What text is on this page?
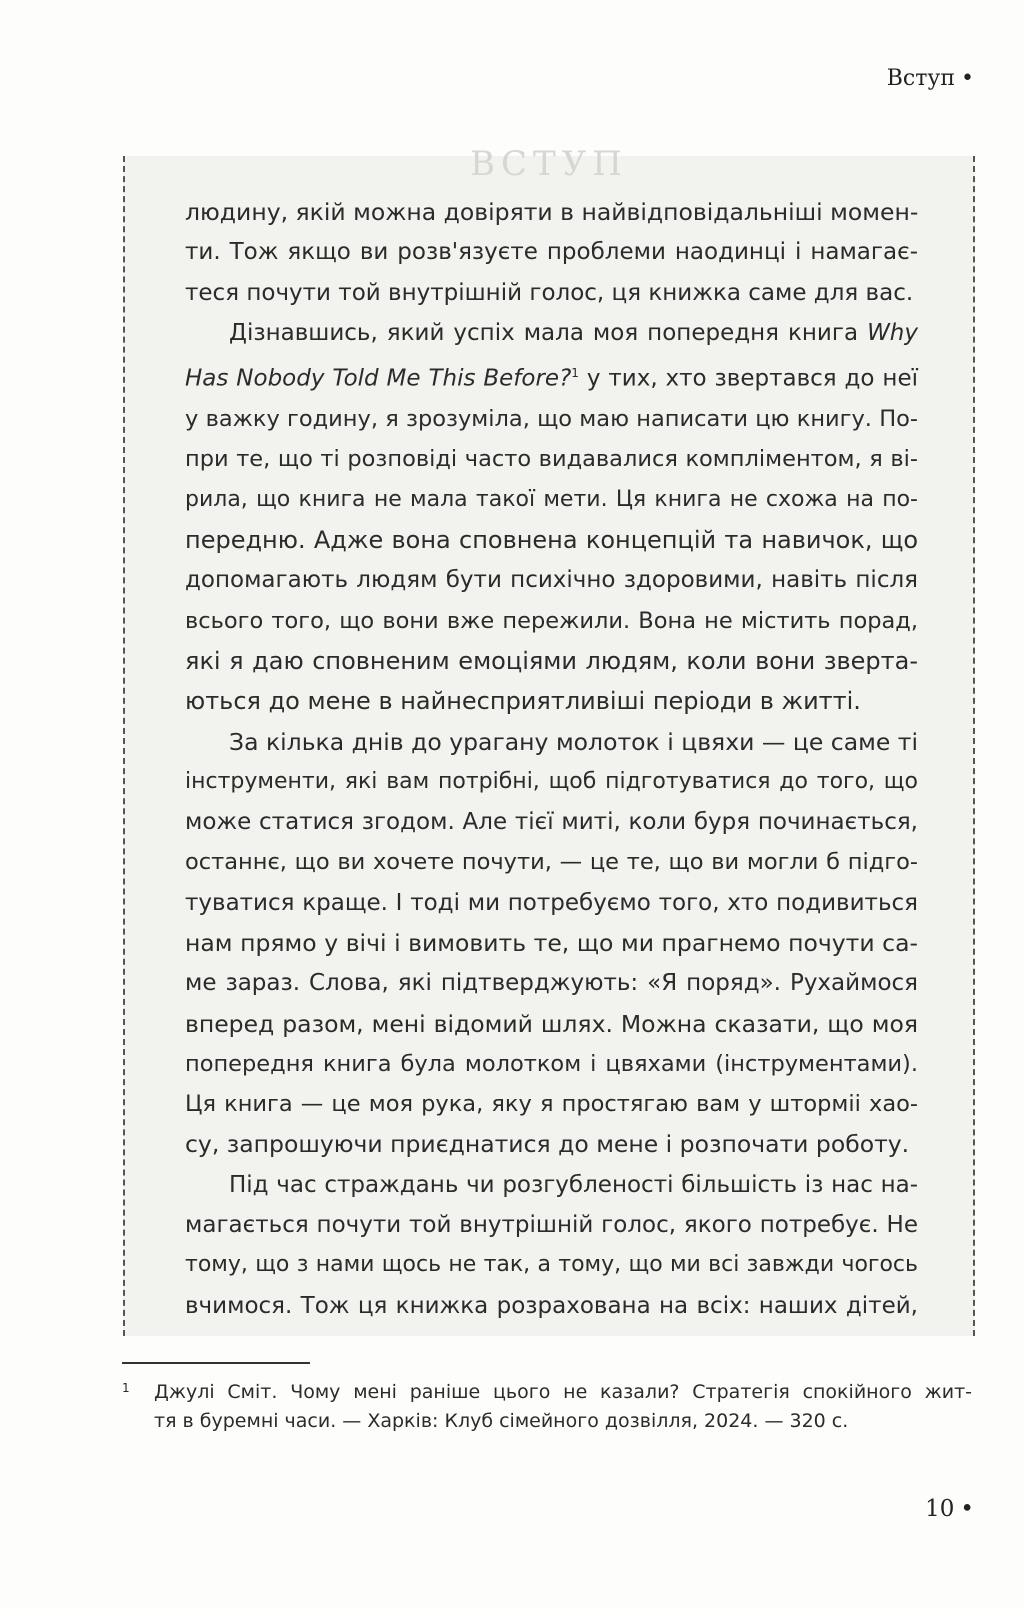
Вступ •
ВСТУП
людину, якій можна довіряти в найвідповідальніші момен-
ти. Тож якщо ви розв'язуєте проблеми наодинці і намагає-
теся почути той внутрішній голос, ця книжка саме для вас.
Дізнавшись, який успіх мала моя попередня книга Why
Has Nobody Told Me This Before?$^1$ у тих, хто звертався до неї
у важку годину, я зрозуміла, що маю написати цю книгу. По-
при те, що ті розповіді часто видавалися компліментом, я ві-
рила, що книга не мала такої мети. Ця книга не схожа на по-
передню. Адже вона сповнена концепцій та навичок, що
допомагають людям бути психічно здоровими, навіть після
всього того, що вони вже пережили. Вона не містить порад,
які я даю сповненим емоціями людям, коли вони зверта-
ються до мене в найнесприятливіші періоди в житті.
За кілька днів до урагану молоток і цвяхи — це саме ті
інструменти, які вам потрібні, щоб підготуватися до того, що
може статися згодом. Але тієї миті, коли буря починається,
останнє, що ви хочете почути, — це те, що ви могли б підго-
туватися краще. І тоді ми потребуємо того, хто подивиться
нам прямо у вічі і вимовить те, що ми прагнемо почути са-
ме зараз. Слова, які підтверджують: «Я поряд». Рухаймося
вперед разом, мені відомий шлях. Можна сказати, що моя
попередня книга була молотком і цвяхами (інструментами).
Ця книга — це моя рука, яку я простягаю вам у шторміі хао-
су, запрошуючи приєднатися до мене і розпочати роботу.
Під час страждань чи розгубленості більшість із нас на-
магається почути той внутрішній голос, якого потребує. Не
тому, що з нами щось не так, а тому, що ми всі завжди чогось
вчимося. Тож ця книжка розрахована на всіх: наших дітей,
1 Джулі Сміт. Чому мені раніше цього не казали? Стратегія спокійного жит-
тя в буремні часи. — Харків: Клуб сімейного дозвілля, 2024. — 320 с.
10 •
